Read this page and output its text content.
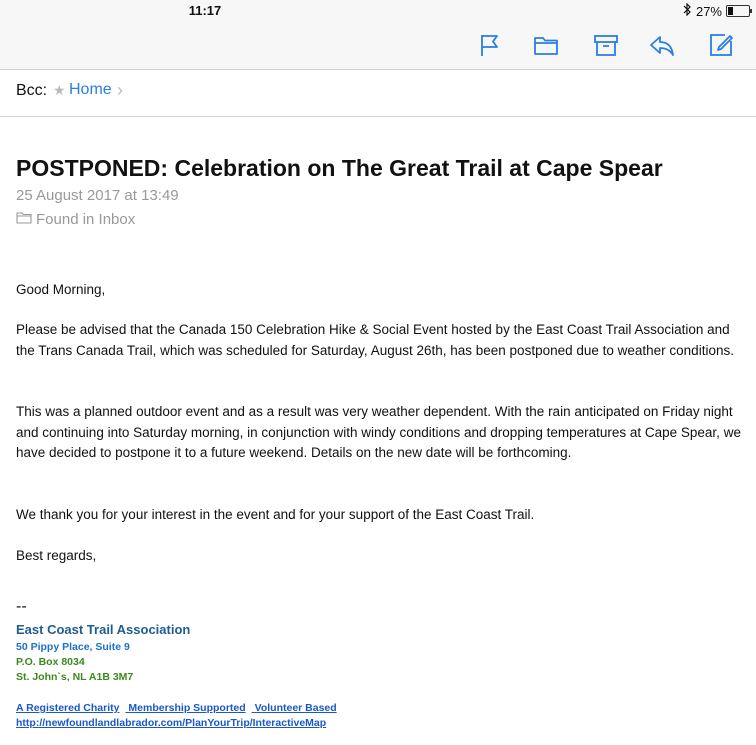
11:17	27%
Bcc: ★ Home ›
POSTPONED: Celebration on The Great Trail at Cape Spear
25 August 2017 at 13:49
Found in Inbox
Good Morning,
Please be advised that the Canada 150 Celebration Hike & Social Event hosted by the East Coast Trail Association and the Trans Canada Trail, which was scheduled for Saturday, August 26th, has been postponed due to weather conditions.
This was a planned outdoor event and as a result was very weather dependent. With the rain anticipated on Friday night and continuing into Saturday morning, in conjunction with windy conditions and dropping temperatures at Cape Spear, we have decided to postpone it to a future weekend. Details on the new date will be forthcoming.
We thank you for your interest in the event and for your support of the East Coast Trail.
Best regards,
--
East Coast Trail Association
50 Pippy Place, Suite 9
P.O. Box 8034
St. John`s, NL A1B 3M7
A Registered Charity Membership Supported Volunteer Based
http://newfoundlandlabrador.com/PlanYourTrip/InteractiveMap
